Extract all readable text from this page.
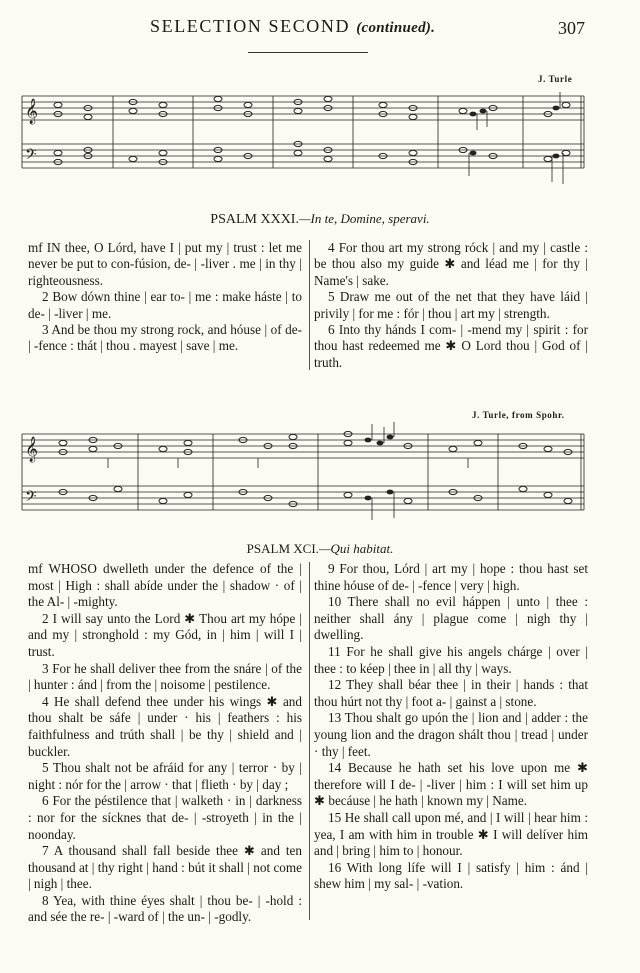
SELECTION SECOND (continued).	307
J. Turle
𝄞
𝄢
PSALM XXXI.—In te, Domine, speravi.
mf IN thee, O Lórd, have I | put my | trust : let me never be put to con-fúsion, de- | -liver . me | in thy | righteousness.
2 Bow dówn thine | ear to- | me : make háste | to de- | -liver | me.
3 And be thou my strong rock, and hóuse | of de- | -fence : thát | thou . mayest | save | me.
4 For thou art my strong róck | and my | castle : be thou also my guide ✱ and léad me | for thy | Name's | sake.
5 Draw me out of the net that they have láid | privily | for me : fór | thou | art my | strength.
6 Into thy hánds I com- | -mend my | spirit : for thou hast redeemed me ✱ O Lord thou | God of | truth.
J. Turle, from Spohr.
𝄞
𝄢
PSALM XCI.—Qui habitat.
mf WHOSO dwelleth under the defence of the | most | High : shall abíde under the | shadow · of | the Al- | -mighty.
2 I will say unto the Lord ✱ Thou art my hópe | and my | stronghold : my Gód, in | him | will I | trust.
3 For he shall deliver thee from the snáre | of the | hunter : ánd | from the | noisome | pestilence.
4 He shall defend thee under his wings ✱ and thou shalt be sáfe | under · his | feathers : his faithfulness and trúth shall | be thy | shield and | buckler.
5 Thou shalt not be afráid for any | terror · by | night : nór for the | arrow · that | flieth · by | day ;
6 For the péstilence that | walketh · in | darkness : nor for the sícknes that de- | -stroyeth | in the | noonday.
7 A thousand shall fall beside thee ✱ and ten thousand at | thy right | hand : bút it shall | not come | nigh | thee.
8 Yea, with thine éyes shalt | thou be- | -hold : and sée the re- | -ward of | the un- | -godly.
9 For thou, Lórd | art my | hope : thou hast set thine hóuse of de- | -fence | very | high.
10 There shall no evil háppen | unto | thee : neither shall ány | plague come | nigh thy | dwelling.
11 For he shall give his angels chárge | over | thee : to kéep | thee in | all thy | ways.
12 They shall béar thee | in their | hands : that thou húrt not thy | foot a- | gainst a | stone.
13 Thou shalt go upón the | lion and | adder : the young lion and the dragon shált thou | tread | under · thy | feet.
14 Because he hath set his love upon me ✱ therefore will I de- | -liver | him : I will set him up ✱ becáuse | he hath | known my | Name.
15 He shall call upon mé, and | I will | hear him : yea, I am with him in trouble ✱ I will delíver him and | bring | him to | honour.
16 With long lífe will I | satisfy | him : ánd | shew him | my sal- | -vation.
